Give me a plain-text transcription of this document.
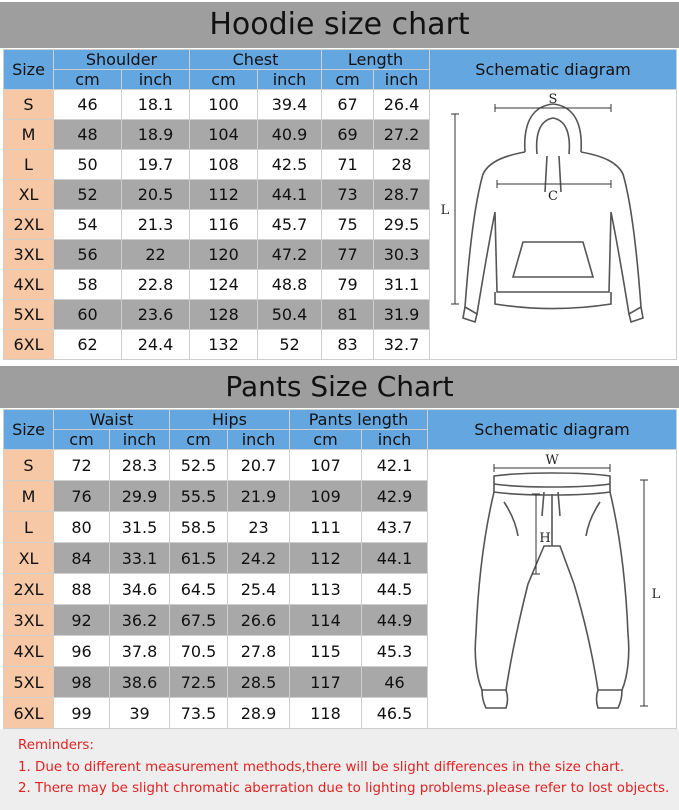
Hoodie size chart
Size	Shoulder		Chest		Length		Schematic diagram
	cm	inch	cm	inch	cm	inch	
S	46	18.1	100	39.4	67	26.4	S
C
L

M	48	18.9	104	40.9	69	27.2	
L	50	19.7	108	42.5	71	28	
XL	52	20.5	112	44.1	73	28.7	
2XL	54	21.3	116	45.7	75	29.5	
3XL	56	22	120	47.2	77	30.3	
4XL	58	22.8	124	48.8	79	31.1	
5XL	60	23.6	128	50.4	81	31.9	
6XL	62	24.4	132	52	83	32.7	
Pants Size Chart
Size	Waist		Hips		Pants length		Schematic diagram
	cm	inch	cm	inch	cm	inch	
S	72	28.3	52.5	20.7	107	42.1	W
H
L

M	76	29.9	55.5	21.9	109	42.9	
L	80	31.5	58.5	23	111	43.7	
XL	84	33.1	61.5	24.2	112	44.1	
2XL	88	34.6	64.5	25.4	113	44.5	
3XL	92	36.2	67.5	26.6	114	44.9	
4XL	96	37.8	70.5	27.8	115	45.3	
5XL	98	38.6	72.5	28.5	117	46	
6XL	99	39	73.5	28.9	118	46.5	
Reminders:
1. Due to different measurement methods,there will be slight differences in the size chart.
2. There may be slight chromatic aberration due to lighting problems.please refer to lost objects.
